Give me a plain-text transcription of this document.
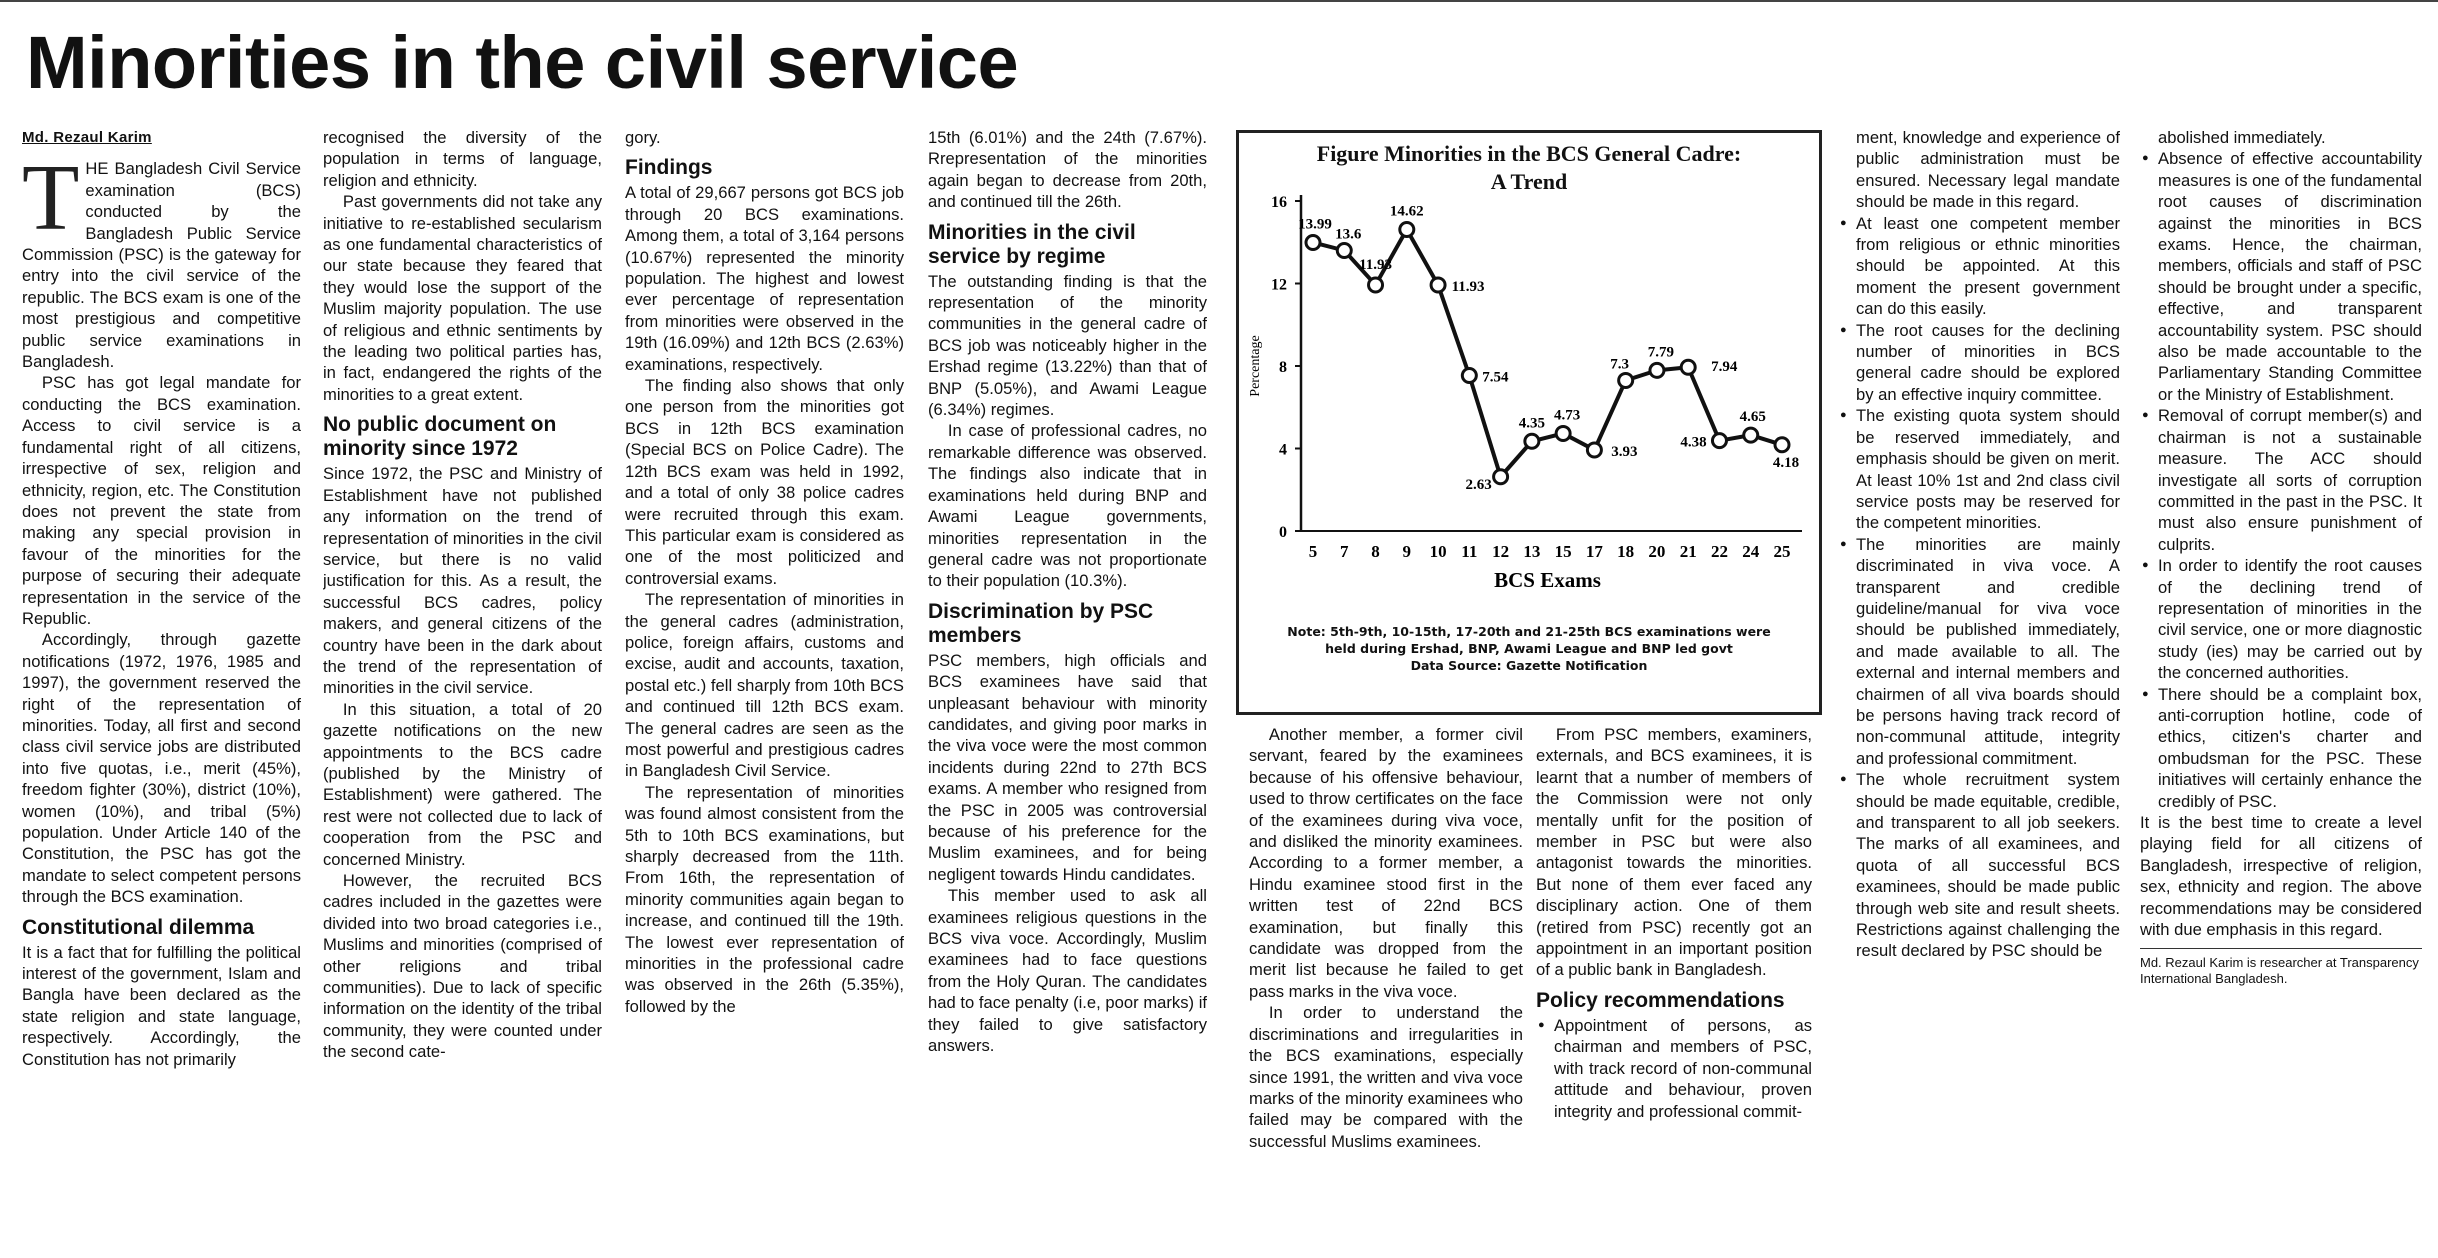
Minorities in the civil service
Md. Rezaul Karim
T HE Bangladesh Civil Service examination (BCS) conducted by the Bangladesh Public Service Commission (PSC) is the gateway for entry into the civil service of the republic. The BCS exam is one of the most prestigious and competitive public service examinations in Bangladesh.

PSC has got legal mandate for conducting the BCS examination. Access to civil service is a fundamental right of all citizens, irrespective of sex, religion and ethnicity, region, etc. The Constitution does not prevent the state from making any special provision in favour of the minorities for the purpose of securing their adequate representation in the service of the Republic.

Accordingly, through gazette notifications (1972, 1976, 1985 and 1997), the government reserved the right of the representation of minorities. Today, all first and second class civil service jobs are distributed into five quotas, i.e., merit (45%), freedom fighter (30%), district (10%), women (10%), and tribal (5%) population. Under Article 140 of the Constitution, the PSC has got the mandate to select competent persons through the BCS examination.

Constitutional dilemma

It is a fact that for fulfilling the political interest of the government, Islam and Bangla have been declared as the state religion and state language, respectively. Accordingly, the Constitution has not primarily

recognised the diversity of the population in terms of language, religion and ethnicity.

Past governments did not take any initiative to re-established secularism as one fundamental characteristics of our state because they feared that they would lose the support of the Muslim majority population. The use of religious and ethnic sentiments by the leading two political parties has, in fact, endangered the rights of the minorities to a great extent.

No public document on minority since 1972

Since 1972, the PSC and Ministry of Establishment have not published any information on the trend of representation of minorities in the civil service, but there is no valid justification for this. As a result, the successful BCS cadres, policy makers, and general citizens of the country have been in the dark about the trend of the representation of minorities in the civil service.

In this situation, a total of 20 gazette notifications on the new appointments to the BCS cadre (published by the Ministry of Establishment) were gathered. The rest were not collected due to lack of cooperation from the PSC and concerned Ministry.

However, the recruited BCS cadres included in the gazettes were divided into two broad categories i.e., Muslims and minorities (comprised of other religions and tribal communities). Due to lack of specific information on the identity of the tribal community, they were counted under the second cate-

gory.

Findings

A total of 29,667 persons got BCS job through 20 BCS examinations. Among them, a total of 3,164 persons (10.67%) represented the minority population. The highest and lowest ever percentage of representation from minorities were observed in the 19th (16.09%) and 12th BCS (2.63%) examinations, respectively.

The finding also shows that only one person from the minorities got BCS in 12th BCS examination (Special BCS on Police Cadre). The 12th BCS exam was held in 1992, and a total of only 38 police cadres were recruited through this exam. This particular exam is considered as one of the most politicized and controversial exams.

The representation of minorities in the general cadres (administration, police, foreign affairs, customs and excise, audit and accounts, taxation, postal etc.) fell sharply from 10th BCS and continued till 12th BCS exam. The general cadres are seen as the most powerful and prestigious cadres in Bangladesh Civil Service.

The representation of minorities was found almost consistent from the 5th to 10th BCS examinations, but sharply decreased from the 11th. From 16th, the representation of minority communities again began to increase, and continued till the 19th. The lowest ever representation of minorities in the professional cadre was observed in the 26th (5.35%), followed by the

15th (6.01%) and the 24th (7.67%). Rrepresentation of the minorities again began to decrease from 20th, and continued till the 26th.

Minorities in the civil service by regime

The outstanding finding is that the representation of the minority communities in the general cadre of BCS job was noticeably higher in the Ershad regime (13.22%) than that of BNP (5.05%), and Awami League (6.34%) regimes.

In case of professional cadres, no remarkable difference was observed. The findings also indicate that in examinations held during BNP and Awami League governments, minorities representation in the general cadre was not proportionate to their population (10.3%).

Discrimination by PSC members

PSC members, high officials and BCS examinees have said that unpleasant behaviour with minority candidates, and giving poor marks in the viva voce were the most common incidents during 22nd to 27th BCS exams. A member who resigned from the PSC in 2005 was controversial because of his preference for the Muslim examinees, and for being negligent towards Hindu candidates.

This member used to ask all examinees religious questions in the BCS viva voce. Accordingly, Muslim examinees had to face questions from the Holy Quran. The candidates had to face penalty (i.e, poor marks) if they failed to give satisfactory answers.

Figure Minorities in the BCS General Cadre:
A Trend
0
4
8
12
16
Percentage
5 7 8 9 10 11 12 13 15 17 18 20 21 22 24 25
BCS Exams
13.99
13.6
11.93
14.62
11.93
7.54
2.63
4.35 4.73
3.93
7.3
7.79
7.94
4.38
4.65
4.18
Note: 5th-9th, 10-15th, 17-20th and 21-25th BCS examinations were
held during Ershad, BNP, Awami League and BNP led govt
Data Source: Gazette Notification

Another member, a former civil servant, feared by the examinees because of his offensive behaviour, used to throw certificates on the face of the examinees during viva voce, and disliked the minority examinees. According to a former member, a Hindu examinee stood first in the written test of 22nd BCS examination, but finally this candidate was dropped from the merit list because he failed to get pass marks in the viva voce.

In order to understand the discriminations and irregularities in the BCS examinations, especially since 1991, the written and viva voce marks of the minority examinees who failed may be compared with the successful Muslims examinees.

From PSC members, examiners, externals, and BCS examinees, it is learnt that a number of members of the Commission were not only mentally unfit for the position of member in PSC but were also antagonist towards the minorities. But none of them ever faced any disciplinary action. One of them (retired from PSC) recently got an appointment in an important position of a public bank in Bangladesh.

Policy recommendations
● Appointment of persons, as chairman and members of PSC, with track record of non-communal attitude and behaviour, proven integrity and professional commit-

ment, knowledge and experience of public administration must be ensured. Necessary legal mandate should be made in this regard.

● At least one competent member from religious or ethnic minorities should be appointed. At this moment the present government can do this easily.
● The root causes for the declining number of minorities in BCS general cadre should be explored by an effective inquiry committee.
● The existing quota system should be reserved immediately, and emphasis should be given on merit. At least 10% 1st and 2nd class civil service posts may be reserved for the competent minorities.
● The minorities are mainly discriminated in viva voce. A transparent and credible guideline/manual for viva voce should be published immediately, and made available to all. The external and internal members and chairmen of all viva boards should be persons having track record of non-communal attitude, integrity and professional commitment.
● The whole recruitment system should be made equitable, credible, and transparent to all job seekers. The marks of all examinees, and quota of all successful BCS examinees, should be made public through web site and result sheets. Restrictions against challenging the result declared by PSC should be

abolished immediately.

● Absence of effective accountability measures is one of the fundamental root causes of discrimination against the minorities in BCS exams. Hence, the chairman, members, officials and staff of PSC should be brought under a specific, effective, and transparent accountability system. PSC should also be made accountable to the Parliamentary Standing Committee or the Ministry of Establishment.
● Removal of corrupt member(s) and chairman is not a sustainable measure. The ACC should investigate all sorts of corruption committed in the past in the PSC. It must also ensure punishment of culprits.
● In order to identify the root causes of the declining trend of representation of minorities in the civil service, one or more diagnostic study (ies) may be carried out by the concerned authorities.
● There should be a complaint box, anti-corruption hotline, code of ethics, citizen's charter and ombudsman for the PSC. These initiatives will certainly enhance the credibly of PSC.

It is the best time to create a level playing field for all citizens of Bangladesh, irrespective of religion, sex, ethnicity and region. The above recommendations may be considered with due emphasis in this regard.

Md. Rezaul Karim is researcher at Transparency International Bangladesh.
